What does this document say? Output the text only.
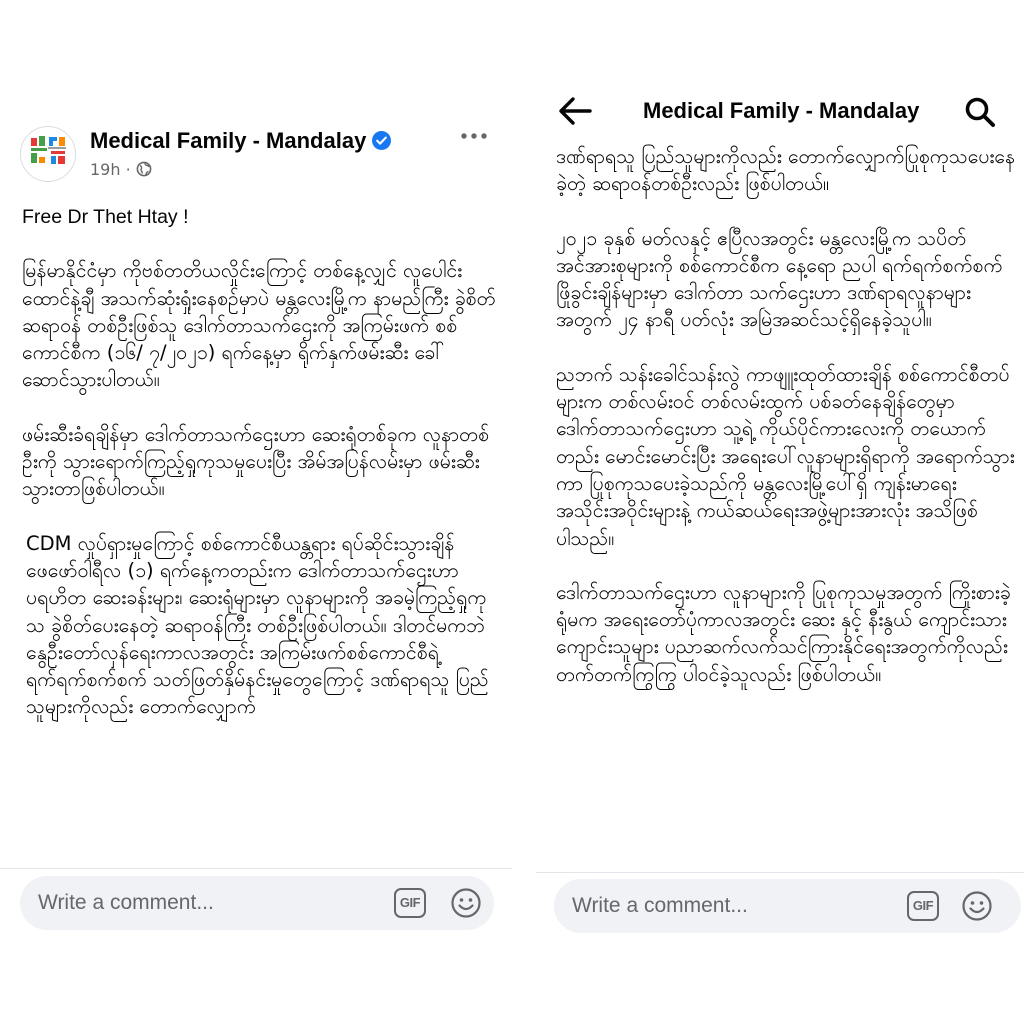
Medical Family - Mandalay
19h ·

Free Dr Thet Htay !

မြန်မာနိုင်ငံမှာ ကိုဗစ်တတိယလှိုင်းကြောင့် တစ်နေ့လျှင် လူပေါင်း ထောင်နဲ့ချီ အသက်ဆုံးရှုံးနေစဉ်မှာပဲ မန္တလေးမြို့က နာမည်ကြီး ခွဲစိတ်ဆရာဝန် တစ်ဦးဖြစ်သူ ဒေါက်တာသက်ဌေးကို အကြမ်းဖက် စစ်ကောင်စီက (၁၆/ ၇/၂၀၂၁) ရက်နေ့မှာ ရိုက်နှက်ဖမ်းဆီး ခေါ်ဆောင်သွားပါတယ်။

ဖမ်းဆီးခံရချိန်မှာ ဒေါက်တာသက်ဌေးဟာ ဆေးရုံတစ်ခုက လူနာတစ်ဦးကို သွားရောက်ကြည့်ရှုကုသမှုပေးပြီး အိမ်အပြန်လမ်းမှာ ဖမ်းဆီးသွားတာဖြစ်ပါတယ်။

CDM လှုပ်ရှားမှုကြောင့် စစ်ကောင်စီယန္တရား ရပ်ဆိုင်းသွားချိန် ဖေဖော်ဝါရီလ (၁) ရက်နေ့ကတည်းက ဒေါက်တာသက်ဌေးဟာ ပရဟိတ ဆေးခန်းများ၊ ဆေးရုံများမှာ လူနာများကို အခမဲ့ကြည့်ရှုကုသ ခွဲစိတ်ပေးနေတဲ့ ဆရာဝန်ကြီး တစ်ဦးဖြစ်ပါတယ်။ ဒါတင်မကဘဲ နွေဦးတော်လှန်ရေးကာလအတွင်း အကြမ်းဖက်စစ်ကောင်စီရဲ့ ရက်ရက်စက်စက် သတ်ဖြတ်နှိမ်နင်းမှုတွေကြောင့် ဒဏ်ရာရသူ ပြည်သူများကိုလည်း တောက်လျှောက်

Write a comment...	GIF
Medical Family - Mandalay

ဒဏ်ရာရသူ ပြည်သူများကိုလည်း တောက်လျှောက်ပြုစုကုသပေးနေခဲ့တဲ့ ဆရာဝန်တစ်ဦးလည်း ဖြစ်ပါတယ်။

၂၀၂၁ ခုနှစ် မတ်လနှင့် ဧပြီလအတွင်း မန္တလေးမြို့က သပိတ်အင်အားစုများကို စစ်ကောင်စီက နေ့ရော ညပါ ရက်ရက်စက်စက် ဖြိုခွင်းချိန်များမှာ ဒေါက်တာ သက်ဌေးဟာ ဒဏ်ရာရလူနာများအတွက် ၂၄ နာရီ ပတ်လုံး အမြဲအဆင်သင့်ရှိနေခဲ့သူပါ။

ညဘက် သန်းခေါင်သန်းလွဲ ကာဖျူးထုတ်ထားချိန် စစ်ကောင်စီတပ်များက တစ်လမ်းဝင် တစ်လမ်းထွက် ပစ်ခတ်နေချိန်တွေမှာ ဒေါက်တာသက်ဌေးဟာ သူ့ရဲ့ ကိုယ်ပိုင်ကားလေးကို တယောက်တည်း မောင်းမောင်းပြီး အရေးပေါ်လူနာများရှိရာကို အရောက်သွားကာ ပြုစုကုသပေးခဲ့သည်ကို မန္တလေးမြို့ပေါ်ရှိ ကျန်းမာရေးအသိုင်းအဝိုင်းများနဲ့ ကယ်ဆယ်ရေးအဖွဲ့များအားလုံး အသိဖြစ်ပါသည်။

ဒေါက်တာသက်ဌေးဟာ လူနာများကို ပြုစုကုသမှုအတွက် ကြိုးစားခဲ့ရုံမက အရေးတော်ပုံကာလအတွင်း ဆေး နှင့် နီးနွယ် ကျောင်းသား ကျောင်းသူများ ပညာဆက်လက်သင်ကြားနိုင်ရေးအတွက်ကိုလည်း တက်တက်ကြွကြွ ပါဝင်ခဲ့သူလည်း ဖြစ်ပါတယ်။

Write a comment...	GIF
